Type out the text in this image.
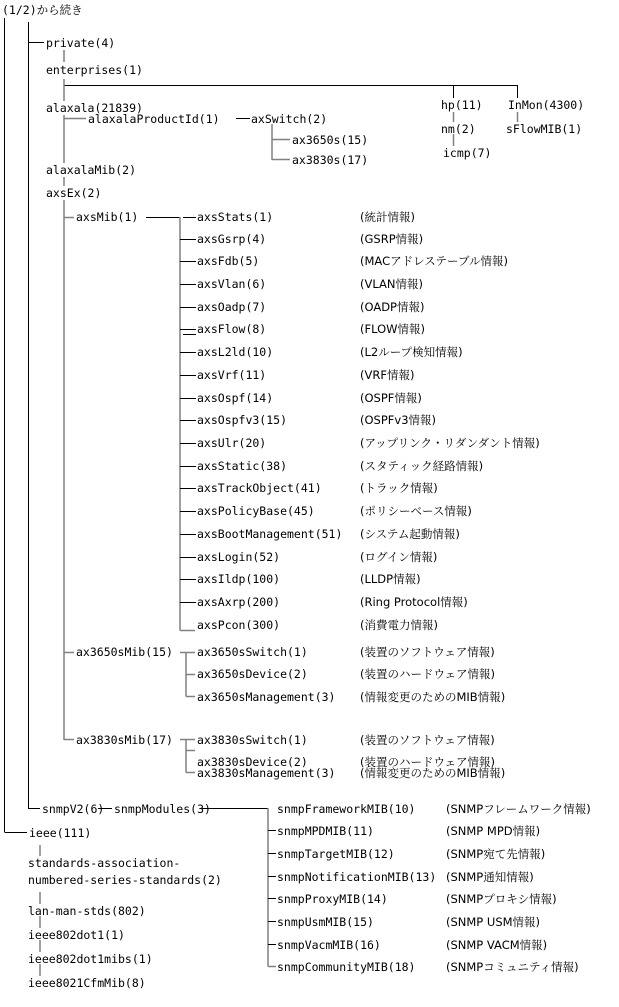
(1/2)から続き
private(4)
enterprises(1)
alaxala(21839)
alaxalaProductId(1)	axSwitch(2)
ax3650s(15)
ax3830s(17)
alaxalaMib(2)
axsEx(2)
axsMib(1)
hp(11)
nm(2)
icmp(7)
InMon(4300)
sFlowMIB(1)
axsStats(1)	(統計情報)
axsGsrp(4)	(GSRP情報)
axsFdb(5)	(MACアドレステーブル情報)
axsVlan(6)	(VLAN情報)
axsOadp(7)	(OADP情報)
axsFlow(8)	(FLOW情報)
axsL2ld(10)	(L2ループ検知情報)
axsVrf(11)	(VRF情報)
axsOspf(14)	(OSPF情報)
axsOspfv3(15)	(OSPFv3情報)
axsUlr(20)	(アップリンク・リダンダント情報)
axsStatic(38)	(スタティック経路情報)
axsTrackObject(41)	(トラック情報)
axsPolicyBase(45)	(ポリシーベース情報)
axsBootManagement(51) (システム起動情報)
axsLogin(52)	(ログイン情報)
axsIldp(100)	(LLDP情報)
axsAxrp(200)	(Ring Protocol情報)
axsPcon(300)	(消費電力情報)
ax3650sMib(15) ax3650sSwitch(1)	(装置のソフトウェア情報)
ax3650sDevice(2)	(装置のハードウェア情報)
ax3650sManagement(3) (情報変更のためのMIB情報)
ax3830sMib(17) ax3830sSwitch(1)	(装置のソフトウェア情報)
ax3830sDevice(2)	(装置のハードウェア情報)
ax3830sManagement(3) (情報変更のためのMIB情報)
snmpV2(6) snmpModules(3)	snmpFrameworkMIB(10)	(SNMPフレームワーク情報)
snmpMPDMIB(11)	(SNMP MPD情報)
snmpTargetMIB(12)	(SNMP宛て先情報)
snmpNotificationMIB(13) (SNMP通知情報)
snmpProxyMIB(14)	(SNMPプロキシ情報)
snmpUsmMIB(15)	(SNMP USM情報)
snmpVacmMIB(16)	(SNMP VACM情報)
snmpCommunityMIB(18)	(SNMPコミュニティ情報)
ieee(111)
standards-association-
numbered-series-standards(2)
lan-man-stds(802)
ieee802dot1(1)
ieee802dot1mibs(1)
ieee8021CfmMib(8)
